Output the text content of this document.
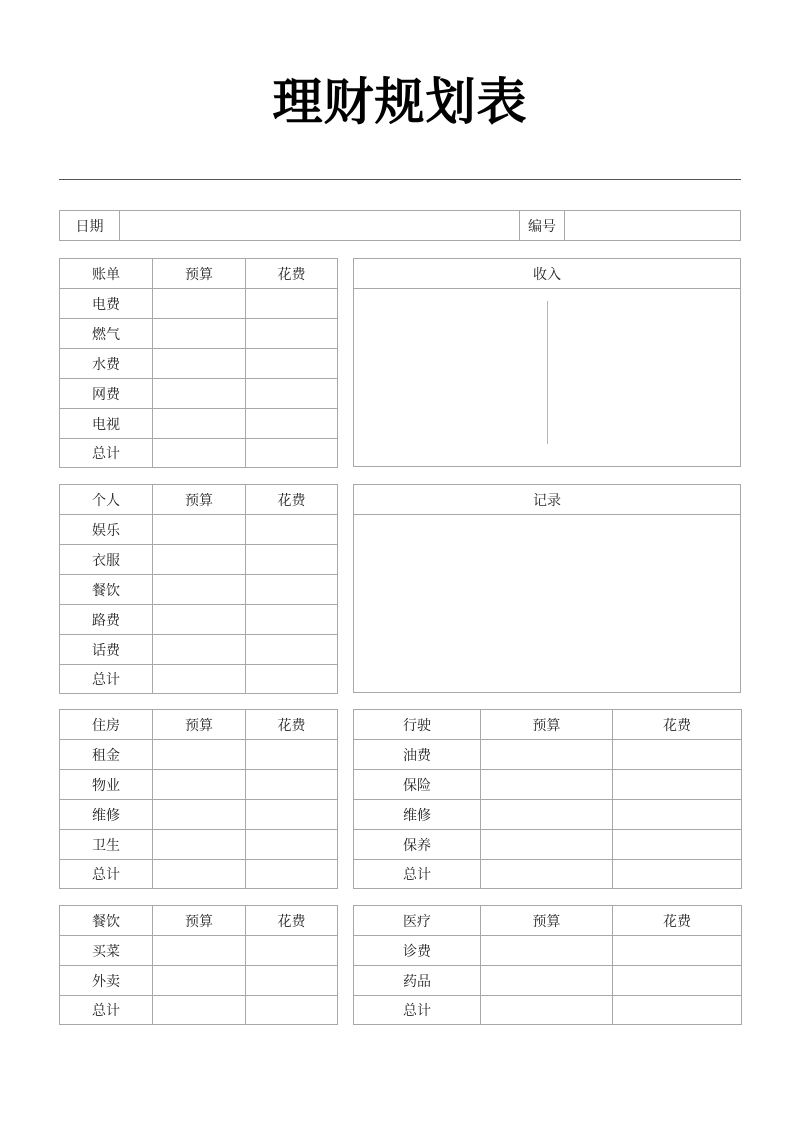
理财规划表
日期	编号
账单	预算	花费
电费		
燃气		
水费		
网费		
电视		
总计		
收入
个人	预算	花费
娱乐		
衣服		
餐饮		
路费		
话费		
总计		
记录
住房	预算	花费
租金		
物业		
维修		
卫生		
总计		
行驶	预算	花费
油费		
保险		
维修		
保养		
总计		
餐饮	预算	花费
买菜		
外卖		
总计		
医疗	预算	花费
诊费		
药品		
总计		
